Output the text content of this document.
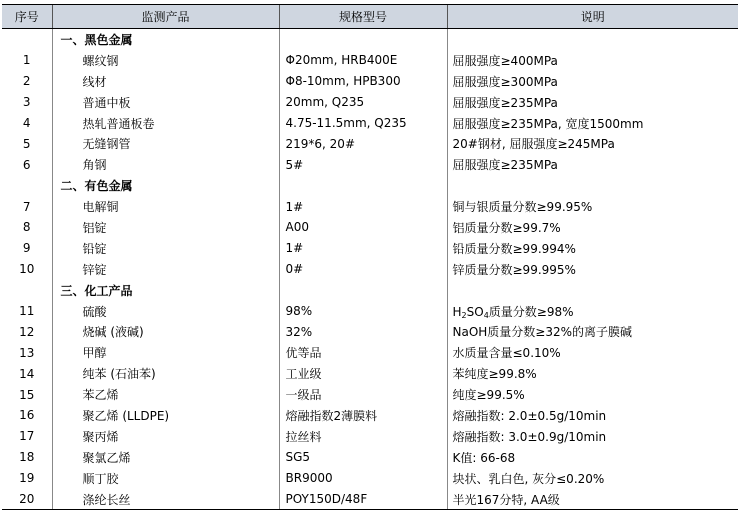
序号	监测产品	规格型号	说明
	一、黑色金属		
1	螺纹钢	Φ20mm, HRB400E	屈服强度≥400MPa
2	线材	Φ8-10mm, HPB300	屈服强度≥300MPa
3	普通中板	20mm, Q235	屈服强度≥235MPa
4	热轧普通板卷	4.75-11.5mm, Q235	屈服强度≥235MPa, 宽度1500mm
5	无缝钢管	219*6, 20#	20#钢材, 屈服强度≥245MPa
6	角钢	5#	屈服强度≥235MPa
	二、有色金属		
7	电解铜	1#	铜与银质量分数≥99.95%
8	铝锭	A00	铝质量分数≥99.7%
9	铅锭	1#	铅质量分数≥99.994%
10	锌锭	0#	锌质量分数≥99.995%
	三、化工产品		
11	硫酸	98%	$H_2SO_4$质量分数≥98%
12	烧碱 (液碱)	32%	NaOH质量分数≥32%的离子膜碱
13	甲醇	优等品	水质量含量≤0.10%
14	纯苯 (石油苯)	工业级	苯纯度≥99.8%
15	苯乙烯	一级品	纯度≥99.5%
16	聚乙烯 (LLDPE)	熔融指数2薄膜料	熔融指数: 2.0±0.5g/10min
17	聚丙烯	拉丝料	熔融指数: 3.0±0.9g/10min
18	聚氯乙烯	SG5	K值: 66-68
19	顺丁胶	BR9000	块状、乳白色, 灰分≤0.20%
20	涤纶长丝	POY150D/48F	半光167分特, AA级
